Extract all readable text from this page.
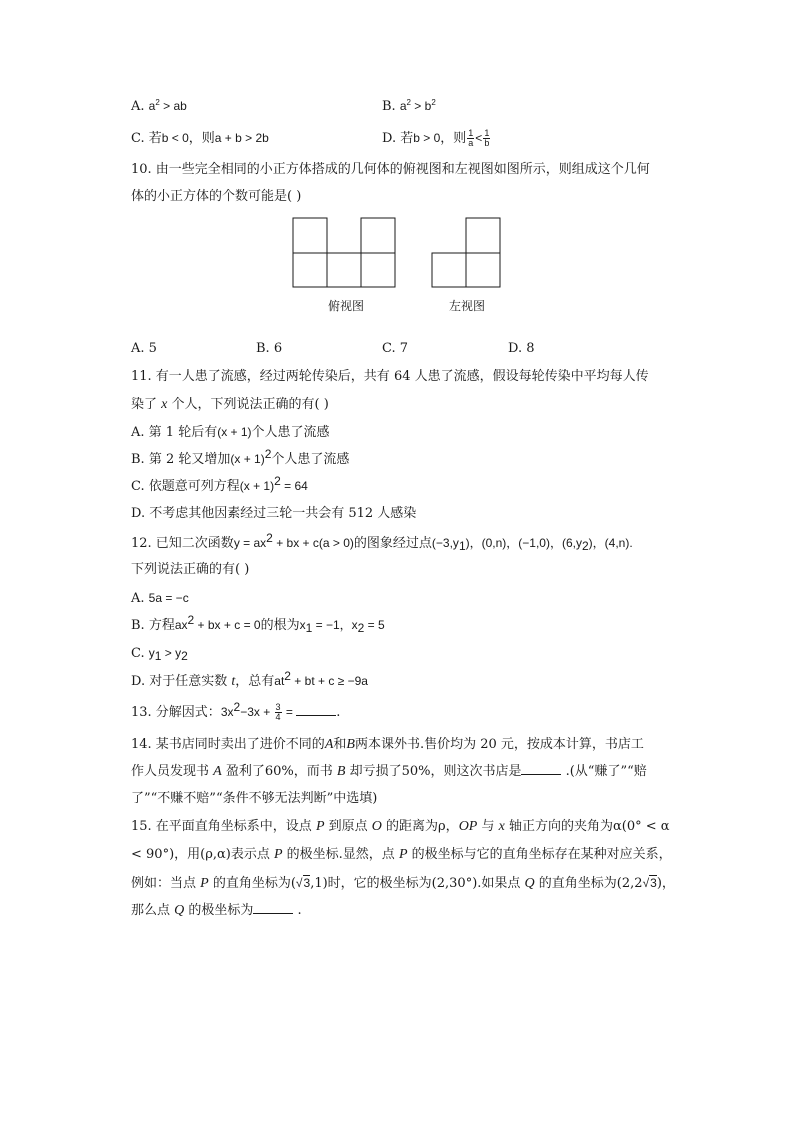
A. $a^2$ > ab	B. $a^2 > b^2$
C. 若b < 0，则a + b > 2b	D. 若b > 0，则 $\frac{1}{a} < \frac{1}{b}$
10. 由一些完全相同的小正方体搭成的几何体的俯视图和左视图如图所示，则组成这个几何
体的小正方体的个数可能是( )
俯视图	左视图
A. 5	B. 6	C. 7	D. 8
11. 有一人患了流感，经过两轮传染后，共有 64 人患了流感，假设每轮传染中平均每人传
染了 x 个人，下列说法正确的有( )
A. 第 1 轮后有(x + 1)个人患了流感
B. 第 2 轮又增加$(x + 1)^2$个人患了流感
C. 依题意可列方程$(x + 1)^2 = 64$
D. 不考虑其他因素经过三轮一共会有 512 人感染
12. 已知二次函数$y = ax^2$ + bx + c(a > 0)的图象经过点$(-3,y_1)$，(0,n)，(−1,0)，$(6,y_2)$，(4,n).
下列说法正确的有( )
A. 5a = −c
B. 方程$ax^2$ + bx + c = 0的根为$x_1 = -1$，$x_2 = 5$
C. $y_1 > y_2$
D. 对于任意实数 t，总有$at^2$ + bt + c ≥ −9a
13. 分解因式：$3x^2-3x + \frac{3}{4}$ =	.
14. 某书店同时卖出了进价不同的A和B两本课外书.售价均为 20 元，按成本计算，书店工
作人员发现书 A 盈利了60%，而书 B 却亏损了50%，则这次书店是	.(从“赚了”“赔
了”“不赚不赔”“条件不够无法判断”中选填)
15. 在平面直角坐标系中，设点 P 到原点 O 的距离为ρ，OP 与 x 轴正方向的夹角为α(0° < α
< 90°)，用(ρ,α)表示点 P 的极坐标.显然，点 P 的极坐标与它的直角坐标存在某种对应关系，
例如：当点 P 的直角坐标为(√3,1)时，它的极坐标为(2,30°).如果点 Q 的直角坐标为(2,2√3)，
那么点 Q 的极坐标为	.
